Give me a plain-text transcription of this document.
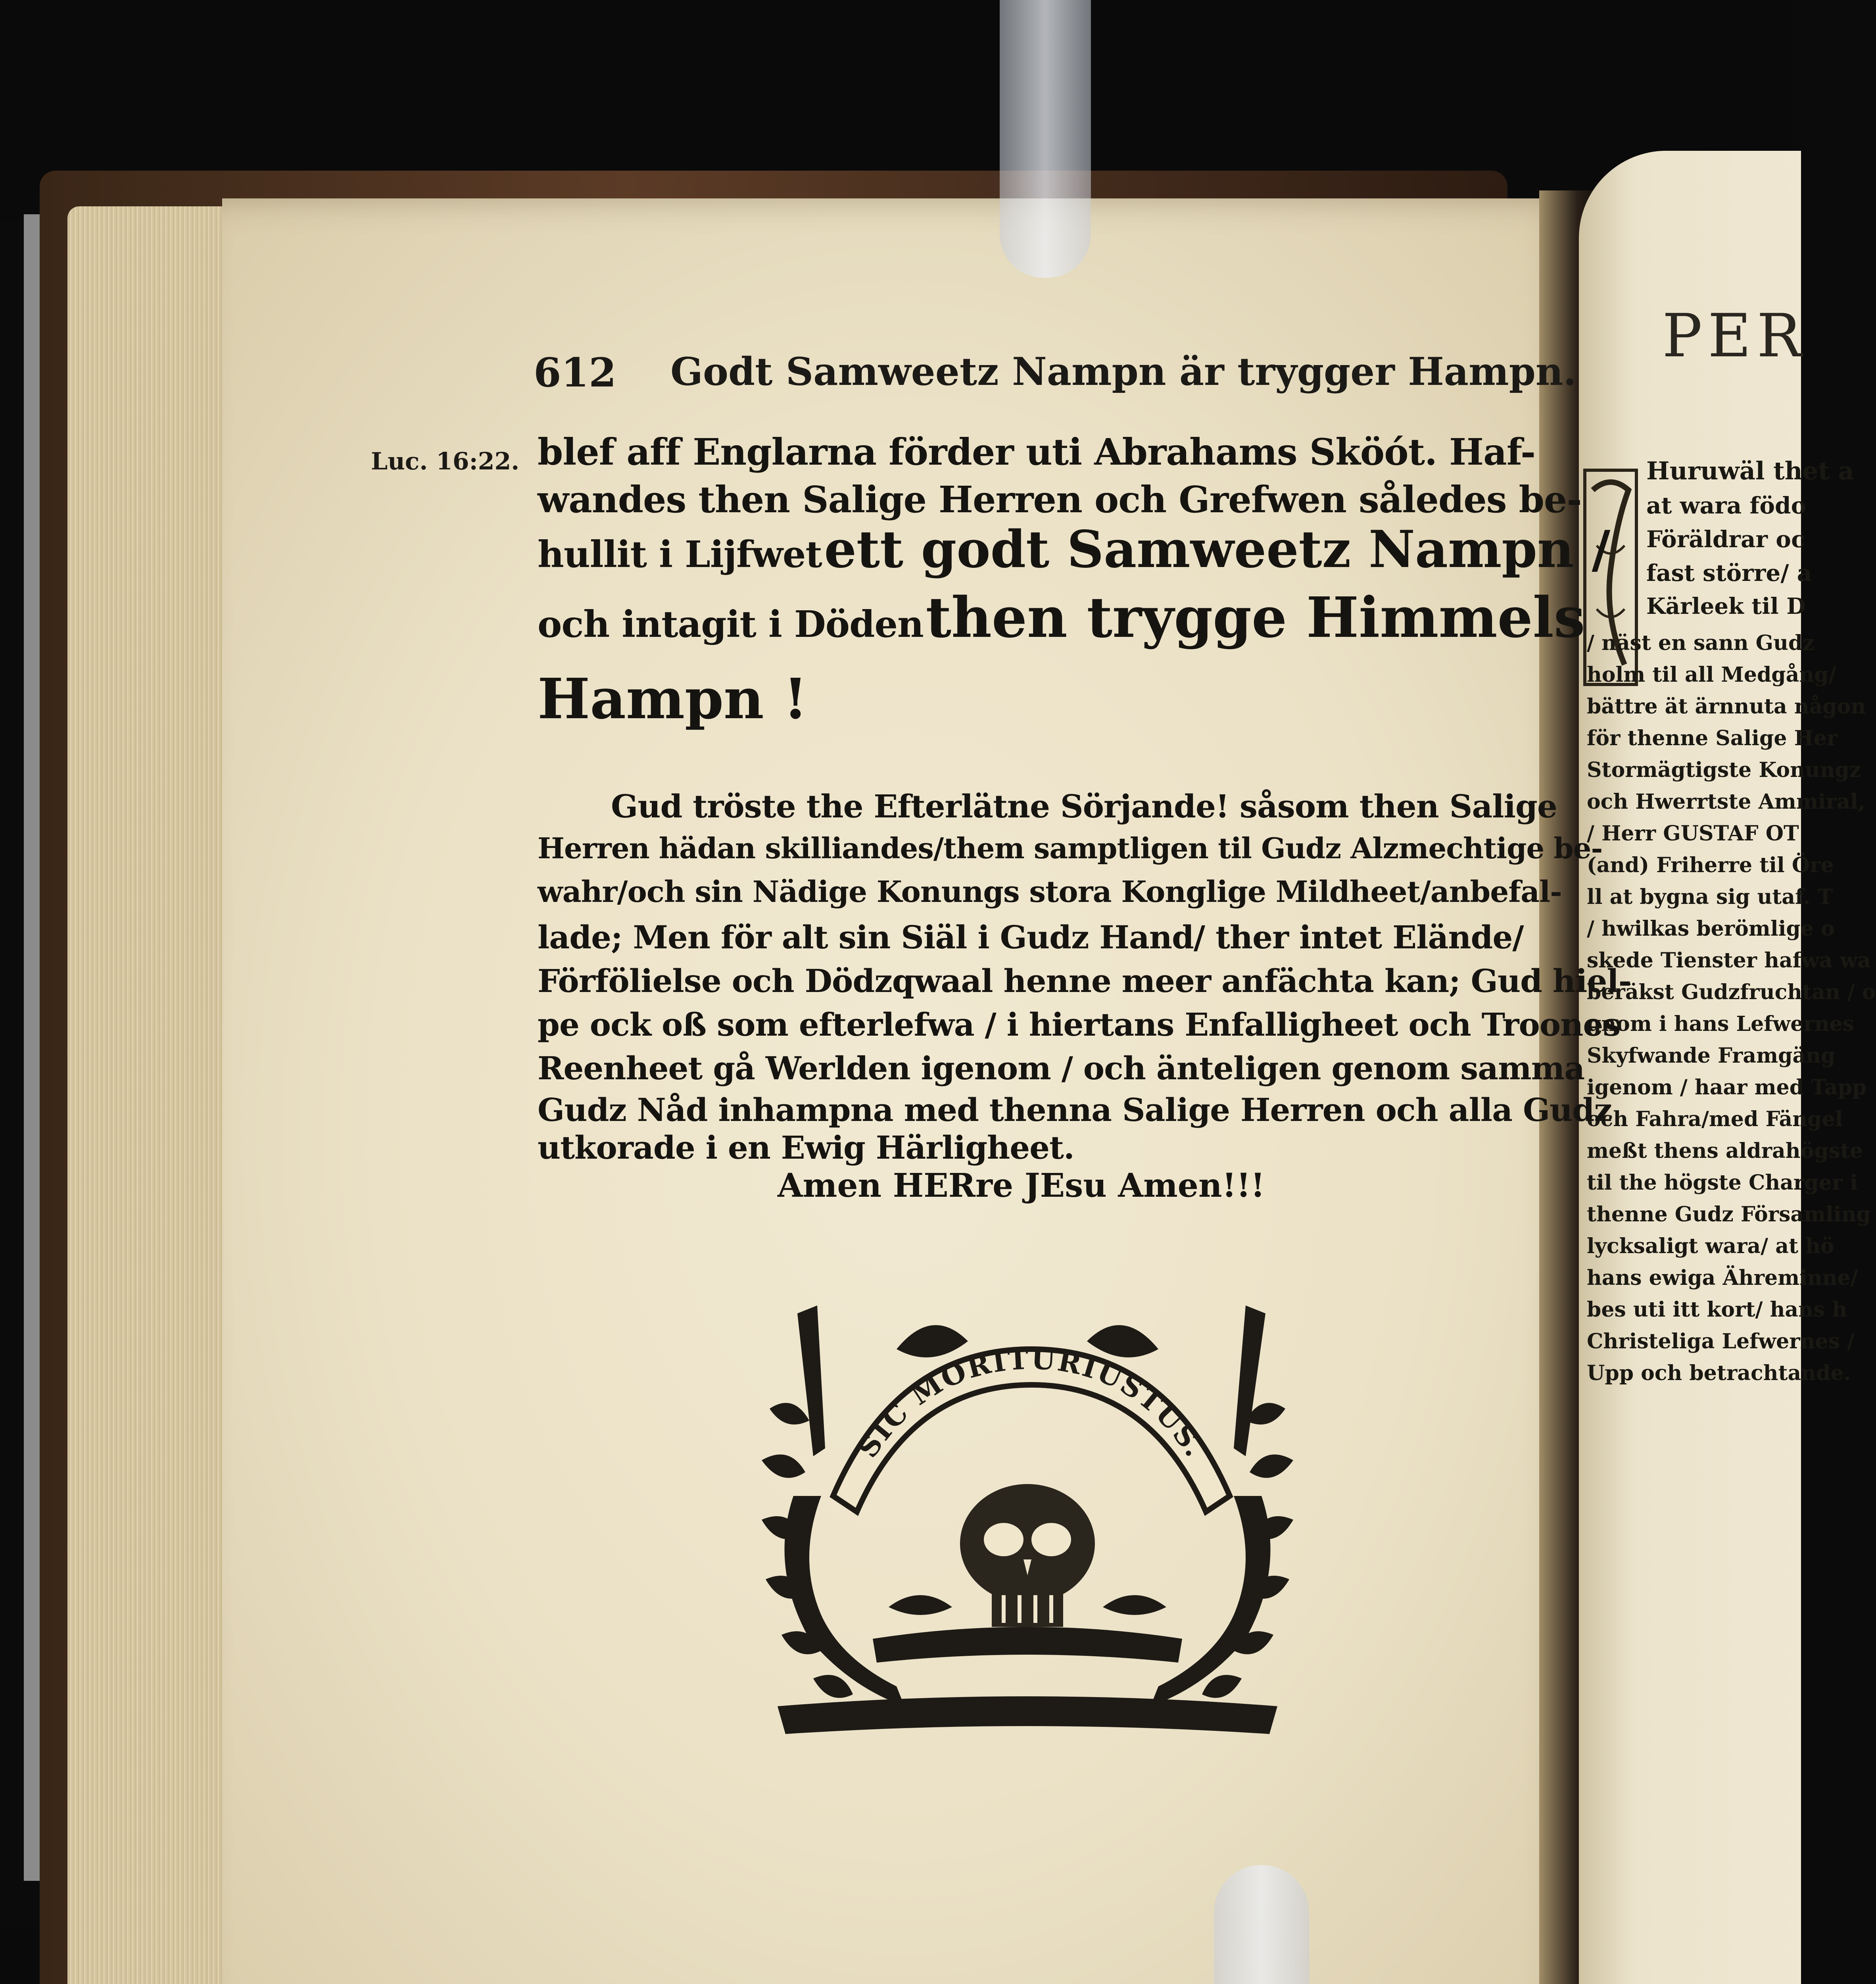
PER
Huruwäl thet a
at wara födo
Föräldrar oc
fast större/ a
Kärleek til D
/ näst en sann Gudz
holm til all Medgång/
bättre ät ärnnuta någon
för thenne Salige Her
Stormägtigste Konungz
och Hwerrtste Ammiral,
/ Herr GUSTAF OT
(and) Friherre til Öre
ll at bygna sig utaf. T
/ hwilkas berömlige o
skede Tienster hafwa wa
beräkst Gudzfruchtan / o
gnom i hans Lefwernes
Skyfwande Framgäng
igenom / haar med Tapp
och Fahra/med Fängel
meßt thens aldrahögste
til the högste Charger i
thenne Gudz Församling
lycksaligt wara/ at hö
hans ewiga Ähreminne/
bes uti itt kort/ hans h
Christeliga Lefwernes /
Upp och betrachtande.
612 Godt Samweetz Nampn är trygger Hampn.
Luc. 16:22. blef aff Englarna förder uti Abrahams Sköót. Haf-
wandes then Salige Herren och Grefwen således be-
hullit i Lijfwet ett godt Samweetz Nampn /
och intagit i Döden then trygge Himmels
Hampn !
Gud tröste the Efterlätne Sörjande! såsom then Salige
Herren hädan skilliandes/them samptligen til Gudz Alzmechtige be-
wahr/och sin Nädige Konungs stora Konglige Mildheet/anbefal-
lade; Men för alt sin Siäl i Gudz Hand/ ther intet Elände/
Förfölielse och Dödzqwaal henne meer anfächta kan; Gud hiel-
pe ock oß som efterlefwa / i hiertans Enfalligheet och Troones
Reenheet gå Werlden igenom / och änteligen genom samma
Gudz Nåd inhampna med thenna Salige Herren och alla Gudz
utkorade i en Ewig Härligheet.
Amen HERre JEsu Amen!!!
SIC MORITURIUSTUS.
